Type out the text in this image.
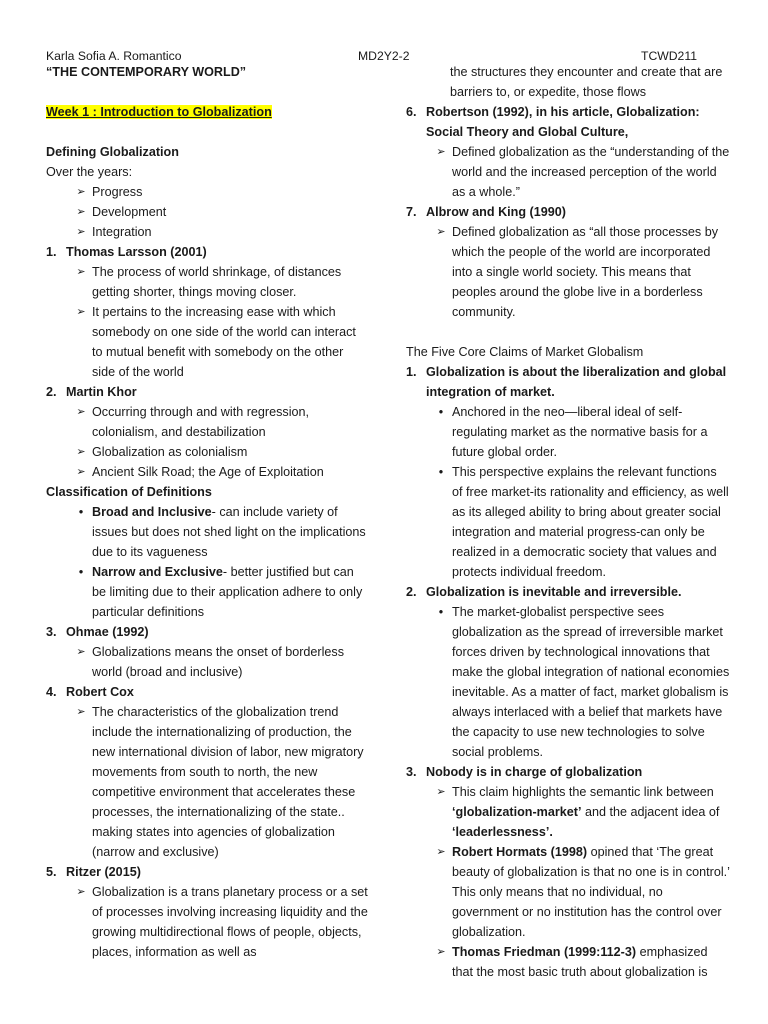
Karla Sofia A. Romantico	MD2Y2-2	TCWD211

“THE CONTEMPORARY WORLD”

Week 1 : Introduction to Globalization

Defining Globalization

Over the years:

➢ Progress
➢ Development
➢ Integration
1. Thomas Larsson (2001)
➢ The process of world shrinkage, of distances getting shorter, things moving closer.
➢ It pertains to the increasing ease with which somebody on one side of the world can interact to mutual benefit with somebody on the other side of the world
2. Martin Khor
➢ Occurring through and with regression, colonialism, and destabilization
➢ Globalization as colonialism
➢ Ancient Silk Road; the Age of Exploitation

Classification of Definitions

● Broad and Inclusive- can include variety of issues but does not shed light on the implications due to its vagueness
● Narrow and Exclusive- better justified but can be limiting due to their application adhere to only particular definitions
3. Ohmae (1992)
➢ Globalizations means the onset of borderless world (broad and inclusive)
4. Robert Cox
➢ The characteristics of the globalization trend include the internationalizing of production, the new international division of labor, new migratory movements from south to north, the new competitive environment that accelerates these processes, the internationalizing of the state.. making states into agencies of globalization (narrow and exclusive)
5. Ritzer (2015)
➢ Globalization is a trans planetary process or a set of processes involving increasing liquidity and the growing multidirectional flows of people, objects, places, information as well as

the structures they encounter and create that are barriers to, or expedite, those flows

6. Robertson (1992), in his article, Globalization: Social Theory and Global Culture,
➢ Defined globalization as the “understanding of the world and the increased perception of the world as a whole.”
7. Albrow and King (1990)
➢ Defined globalization as “all those processes by which the people of the world are incorporated into a single world society. This means that peoples around the globe live in a borderless community.

The Five Core Claims of Market Globalism

1. Globalization is about the liberalization and global integration of market.
• Anchored in the neo—liberal ideal of self-regulating market as the normative basis for a future global order.
• This perspective explains the relevant functions of free market-its rationality and efficiency, as well as its alleged ability to bring about greater social integration and material progress-can only be realized in a democratic society that values and protects individual freedom.
2. Globalization is inevitable and irreversible.
• The market-globalist perspective sees globalization as the spread of irreversible market forces driven by technological innovations that make the global integration of national economies inevitable. As a matter of fact, market globalism is always interlaced with a belief that markets have the capacity to use new technologies to solve social problems.
3. Nobody is in charge of globalization
➢ This claim highlights the semantic link between ‘globalization-market’ and the adjacent idea of ‘leaderlessness’.
➢ Robert Hormats (1998) opined that ‘The great beauty of globalization is that no one is in control.’ This only means that no individual, no government or no institution has the control over globalization.
➢ Thomas Friedman (1999:112-3) emphasized that the most basic truth about globalization is
